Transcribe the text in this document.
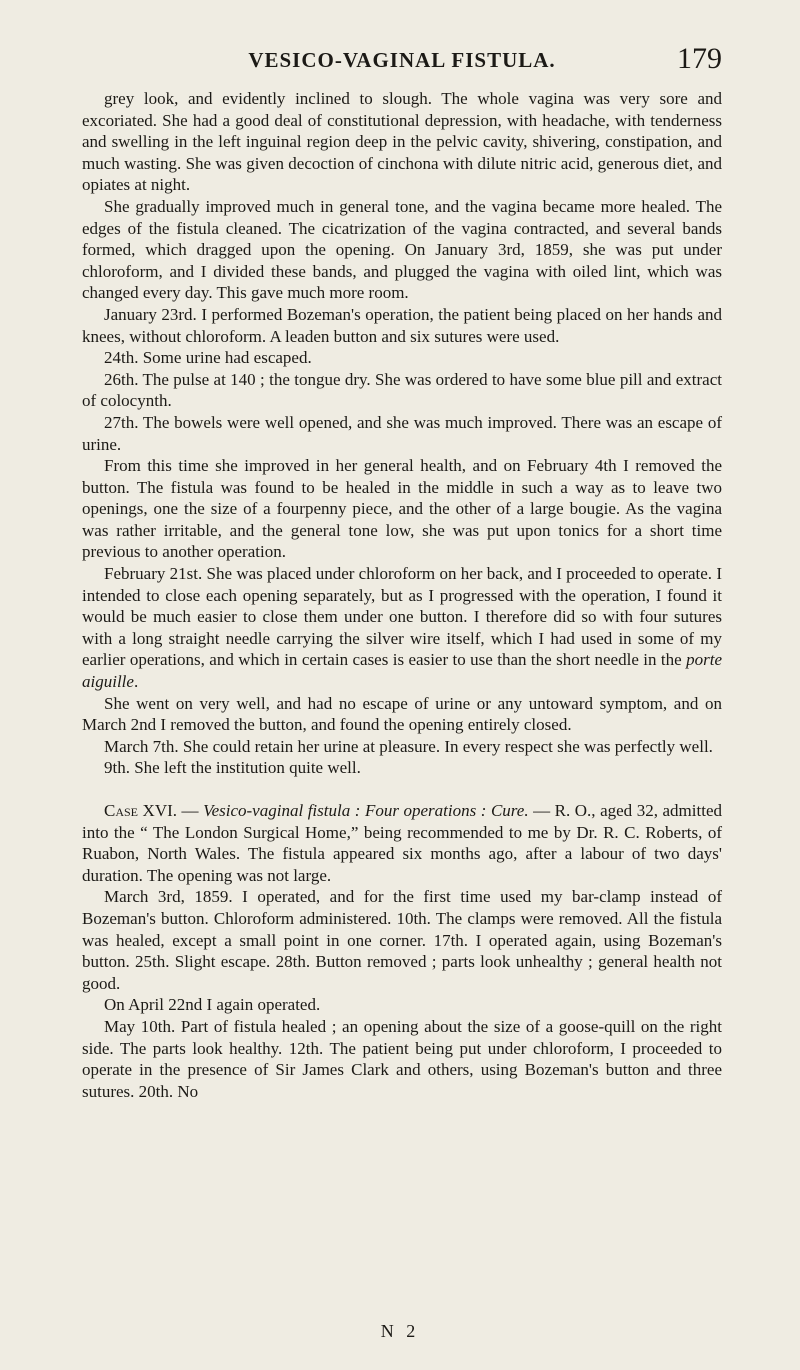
VESICO-VAGINAL FISTULA.	179

grey look, and evidently inclined to slough. The whole vagina was very sore and excoriated. She had a good deal of constitutional depression, with headache, with tenderness and swelling in the left inguinal region deep in the pelvic cavity, shivering, constipation, and much wasting. She was given decoction of cinchona with dilute nitric acid, generous diet, and opiates at night.

She gradually improved much in general tone, and the vagina became more healed. The edges of the fistula cleaned. The cicatrization of the vagina contracted, and several bands formed, which dragged upon the opening. On January 3rd, 1859, she was put under chloroform, and I divided these bands, and plugged the vagina with oiled lint, which was changed every day. This gave much more room.

January 23rd. I performed Bozeman's operation, the patient being placed on her hands and knees, without chloroform. A leaden button and six sutures were used.

24th. Some urine had escaped.

26th. The pulse at 140 ; the tongue dry. She was ordered to have some blue pill and extract of colocynth.

27th. The bowels were well opened, and she was much improved. There was an escape of urine.

From this time she improved in her general health, and on February 4th I removed the button. The fistula was found to be healed in the middle in such a way as to leave two openings, one the size of a fourpenny piece, and the other of a large bougie. As the vagina was rather irritable, and the general tone low, she was put upon tonics for a short time previous to another operation.

February 21st. She was placed under chloroform on her back, and I proceeded to operate. I intended to close each opening separately, but as I progressed with the operation, I found it would be much easier to close them under one button. I therefore did so with four sutures with a long straight needle carrying the silver wire itself, which I had used in some of my earlier operations, and which in certain cases is easier to use than the short needle in the porte aiguille.

She went on very well, and had no escape of urine or any untoward symptom, and on March 2nd I removed the button, and found the opening entirely closed.

March 7th. She could retain her urine at pleasure. In every respect she was perfectly well.

9th. She left the institution quite well.

Case XVI. — Vesico-vaginal fistula : Four operations : Cure. — R. O., aged 32, admitted into the “ The London Surgical Home,” being recommended to me by Dr. R. C. Roberts, of Ruabon, North Wales. The fistula appeared six months ago, after a labour of two days' duration. The opening was not large.

March 3rd, 1859. I operated, and for the first time used my bar-clamp instead of Bozeman's button. Chloroform administered. 10th. The clamps were removed. All the fistula was healed, except a small point in one corner. 17th. I operated again, using Bozeman's button. 25th. Slight escape. 28th. Button removed ; parts look unhealthy ; general health not good.

On April 22nd I again operated.

May 10th. Part of fistula healed ; an opening about the size of a goose-quill on the right side. The parts look healthy. 12th. The patient being put under chloroform, I proceeded to operate in the presence of Sir James Clark and others, using Bozeman's button and three sutures. 20th. No

N 2
